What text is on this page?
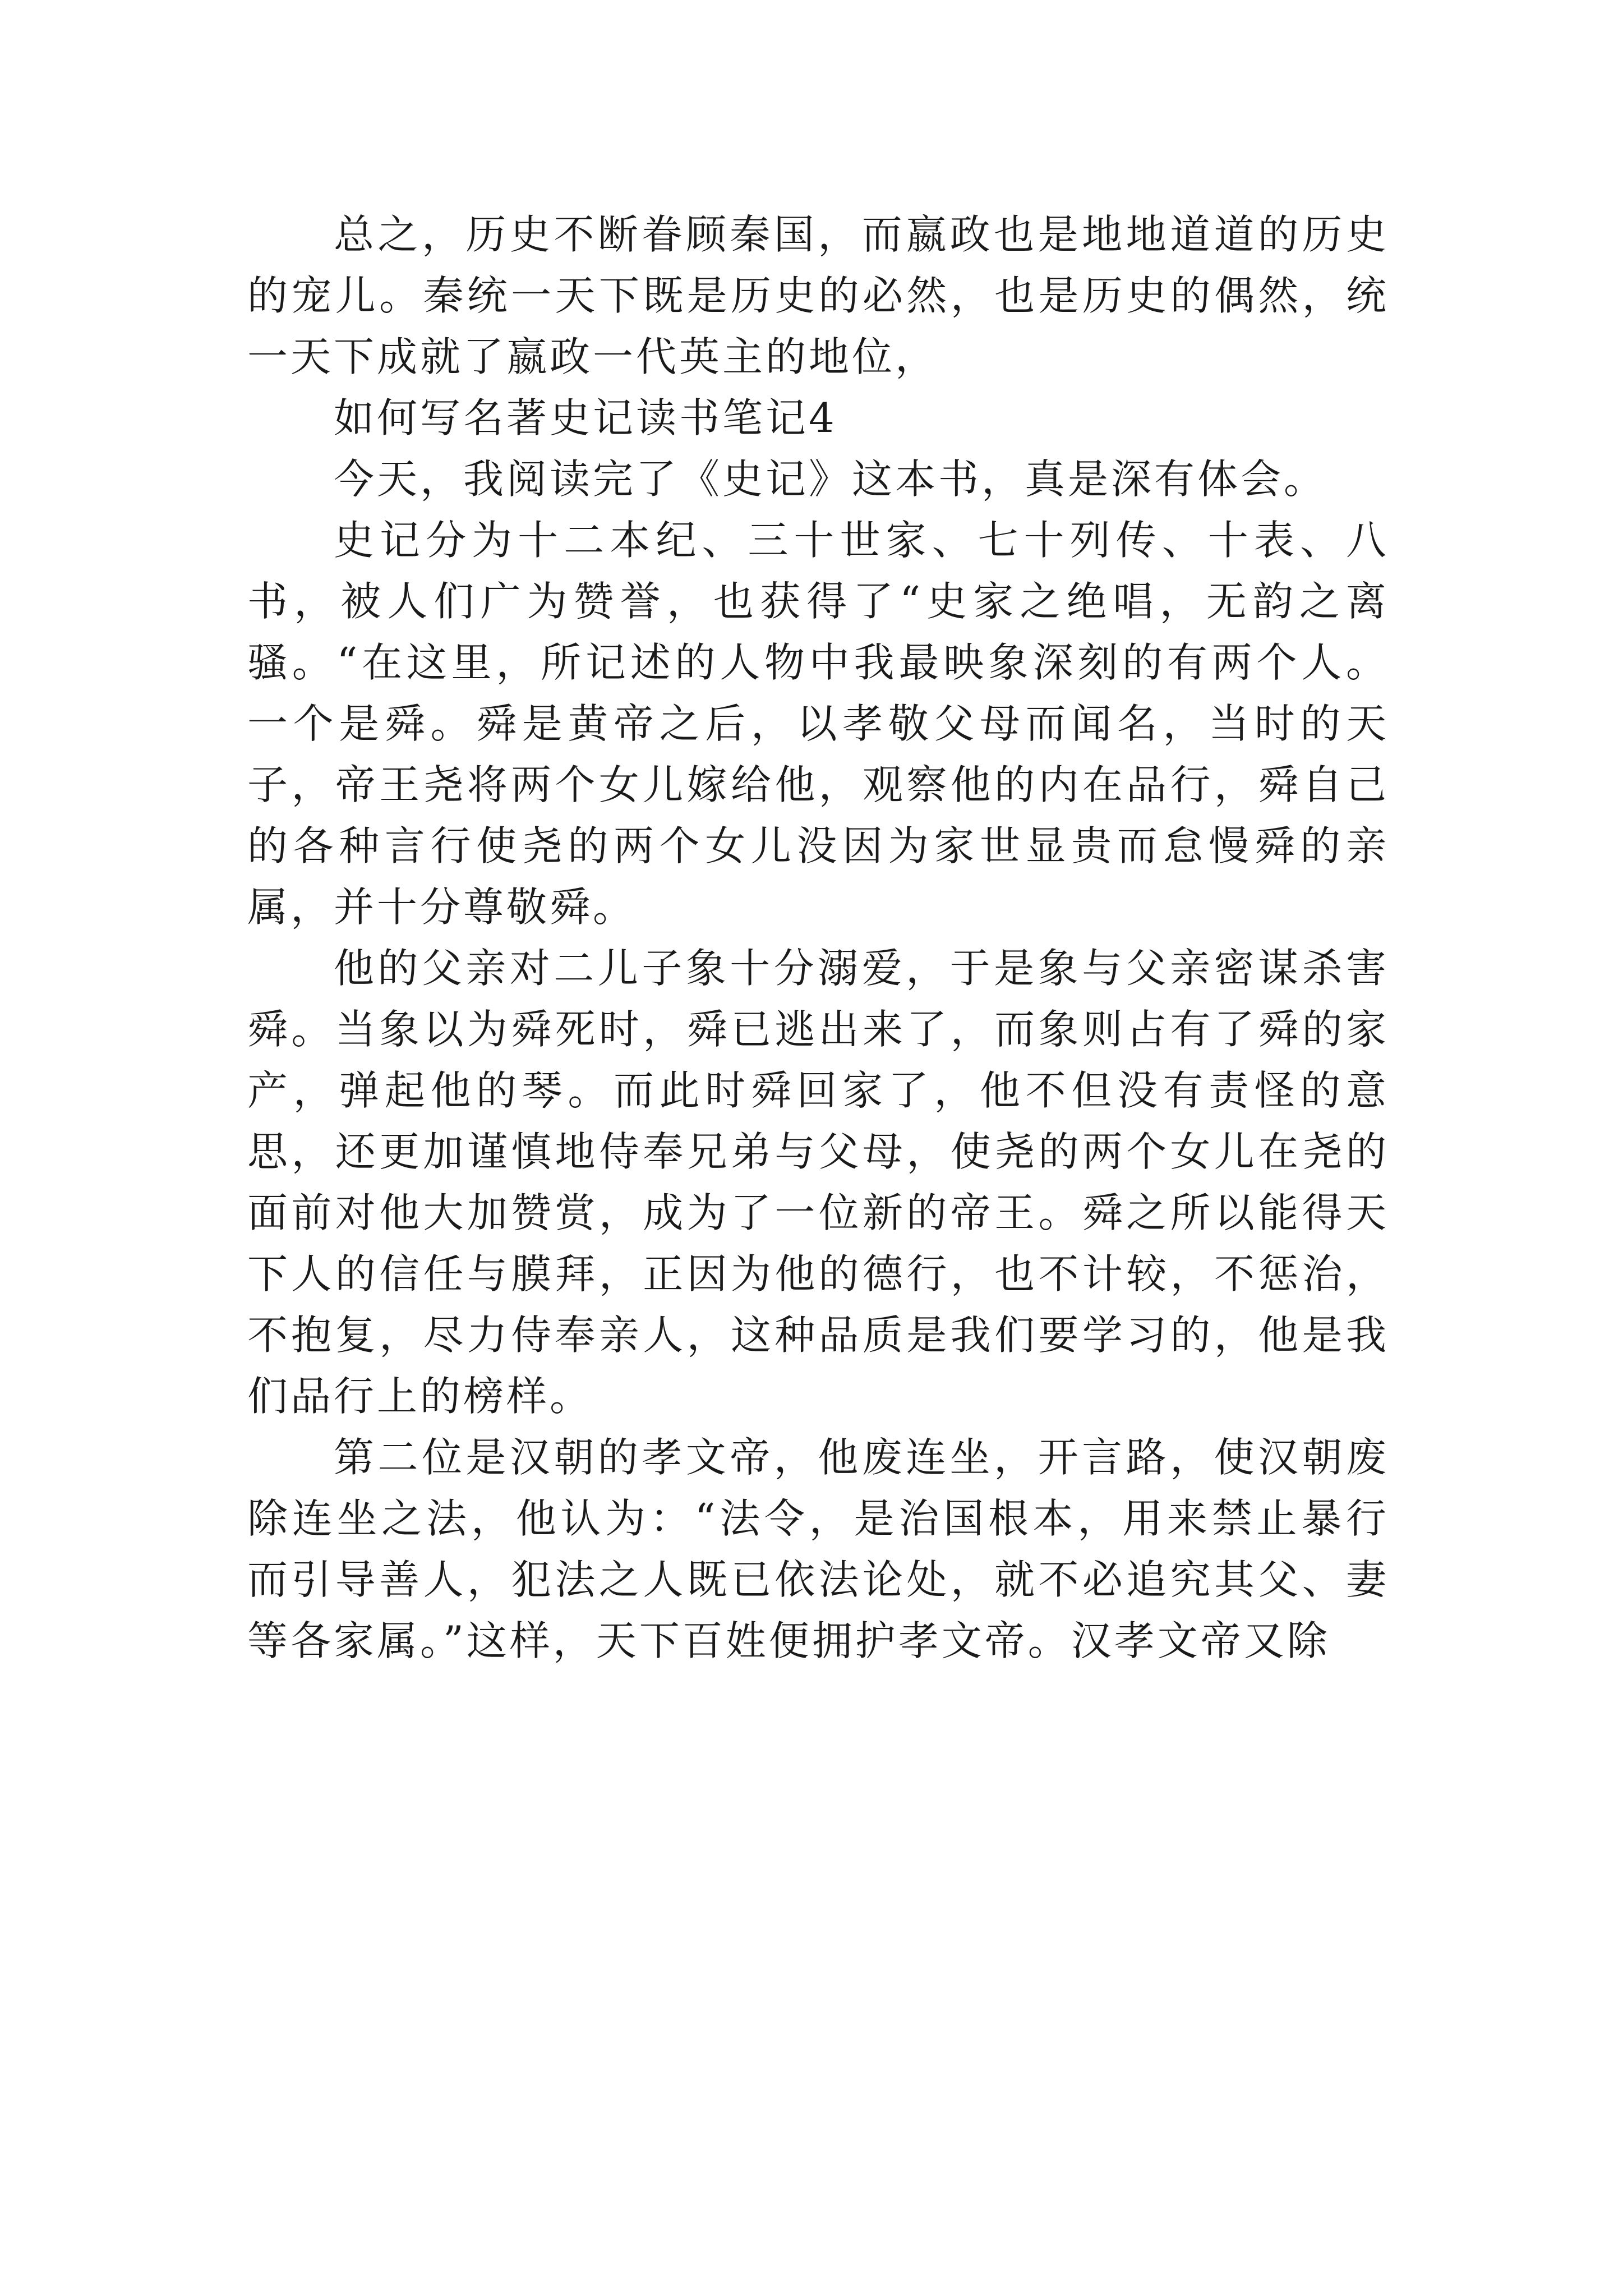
总之，历史不断眷顾秦国，而嬴政也是地地道道的历史的宠儿。秦统一天下既是历史的必然，也是历史的偶然，统一天下成就了嬴政一代英主的地位，

如何写名著史记读书笔记4

今天，我阅读完了《史记》这本书，真是深有体会。

史记分为十二本纪、三十世家、七十列传、十表、八书，被人们广为赞誉，也获得了“史家之绝唱，无韵之离骚。“在这里，所记述的人物中我最映象深刻的有两个人。一个是舜。舜是黄帝之后，以孝敬父母而闻名，当时的天子，帝王尧将两个女儿嫁给他，观察他的内在品行，舜自己的各种言行使尧的两个女儿没因为家世显贵而怠慢舜的亲属，并十分尊敬舜。

他的父亲对二儿子象十分溺爱，于是象与父亲密谋杀害舜。当象以为舜死时，舜已逃出来了，而象则占有了舜的家产，弹起他的琴。而此时舜回家了，他不但没有责怪的意思，还更加谨慎地侍奉兄弟与父母，使尧的两个女儿在尧的面前对他大加赞赏，成为了一位新的帝王。舜之所以能得天下人的信任与膜拜，正因为他的德行，也不计较，不惩治，不抱复，尽力侍奉亲人，这种品质是我们要学习的，他是我们品行上的榜样。

第二位是汉朝的孝文帝，他废连坐，开言路，使汉朝废除连坐之法，他认为：“法令，是治国根本，用来禁止暴行而引导善人，犯法之人既已依法论处，就不必追究其父、妻等各家属。”这样，天下百姓便拥护孝文帝。汉孝文帝又除
